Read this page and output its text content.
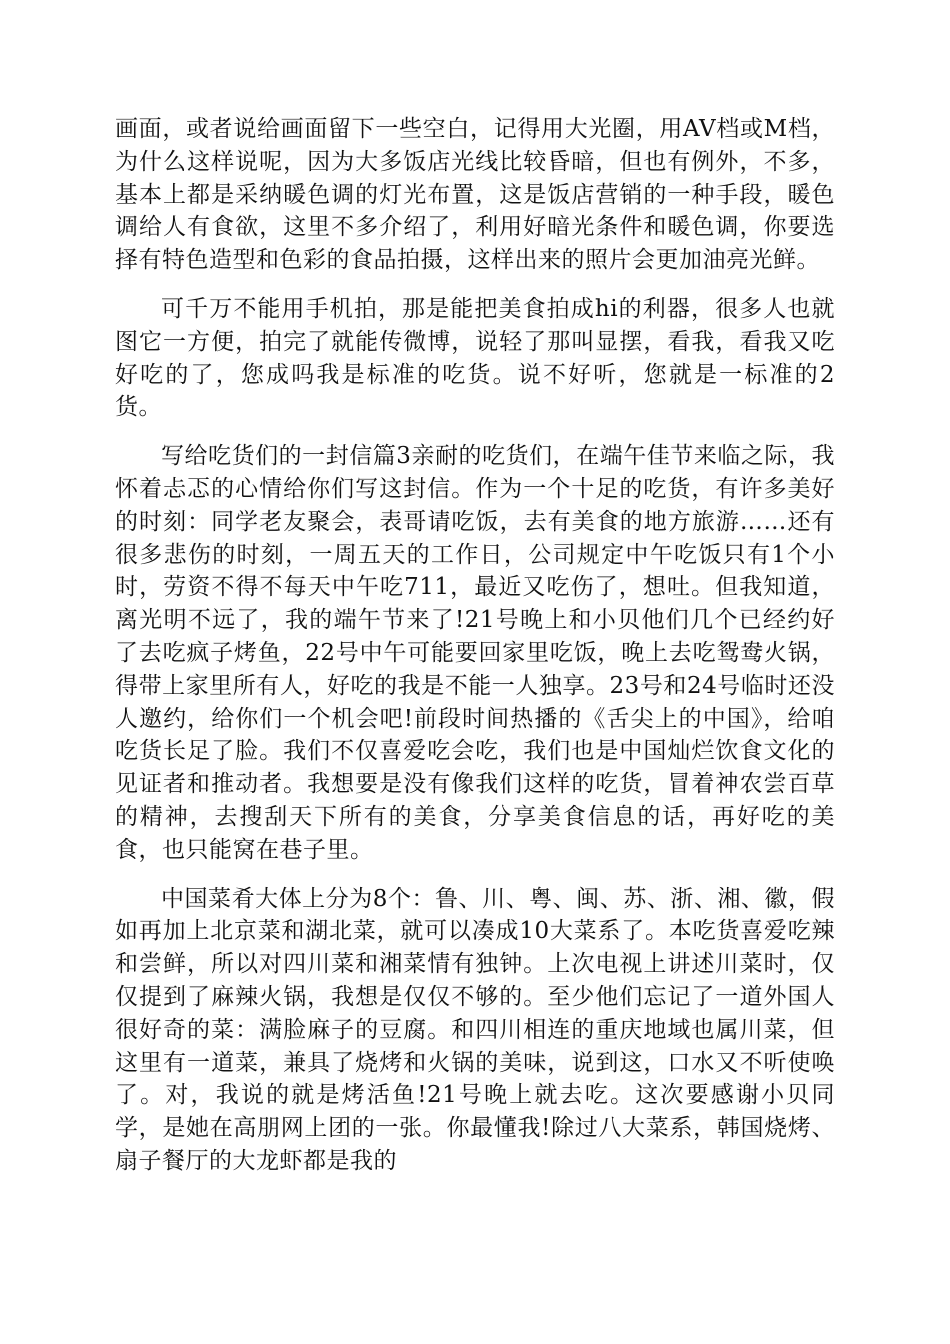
画面，或者说给画面留下一些空白，记得用大光圈，用AV档或M档，为什么这样说呢，因为大多饭店光线比较昏暗，但也有例外，不多，基本上都是采纳暖色调的灯光布置，这是饭店营销的一种手段，暖色调给人有食欲，这里不多介绍了，利用好暗光条件和暖色调，你要选择有特色造型和色彩的食品拍摄，这样出来的照片会更加油亮光鲜。

可千万不能用手机拍，那是能把美食拍成hi的利器，很多人也就图它一方便，拍完了就能传微博，说轻了那叫显摆，看我，看我又吃好吃的了，您成吗我是标准的吃货。说不好听，您就是一标准的2货。

写给吃货们的一封信篇3亲耐的吃货们，在端午佳节来临之际，我怀着忐忑的心情给你们写这封信。作为一个十足的吃货，有许多美好的时刻：同学老友聚会，表哥请吃饭，去有美食的地方旅游……还有很多悲伤的时刻，一周五天的工作日，公司规定中午吃饭只有1个小时，劳资不得不每天中午吃711，最近又吃伤了，想吐。但我知道，离光明不远了，我的端午节来了!21号晚上和小贝他们几个已经约好了去吃疯子烤鱼，22号中午可能要回家里吃饭，晚上去吃鸳鸯火锅，得带上家里所有人，好吃的我是不能一人独享。23号和24号临时还没人邀约，给你们一个机会吧!前段时间热播的《舌尖上的中国》，给咱吃货长足了脸。我们不仅喜爱吃会吃，我们也是中国灿烂饮食文化的见证者和推动者。我想要是没有像我们这样的吃货，冒着神农尝百草的精神，去搜刮天下所有的美食，分享美食信息的话，再好吃的美食，也只能窝在巷子里。

中国菜肴大体上分为8个：鲁、川、粤、闽、苏、浙、湘、徽，假如再加上北京菜和湖北菜，就可以凑成10大菜系了。本吃货喜爱吃辣和尝鲜，所以对四川菜和湘菜情有独钟。上次电视上讲述川菜时，仅仅提到了麻辣火锅，我想是仅仅不够的。至少他们忘记了一道外国人很好奇的菜：满脸麻子的豆腐。和四川相连的重庆地域也属川菜，但这里有一道菜，兼具了烧烤和火锅的美味，说到这，口水又不听使唤了。对，我说的就是烤活鱼!21号晚上就去吃。这次要感谢小贝同学，是她在高朋网上团的一张。你最懂我!除过八大菜系，韩国烧烤、扇子餐厅的大龙虾都是我的
